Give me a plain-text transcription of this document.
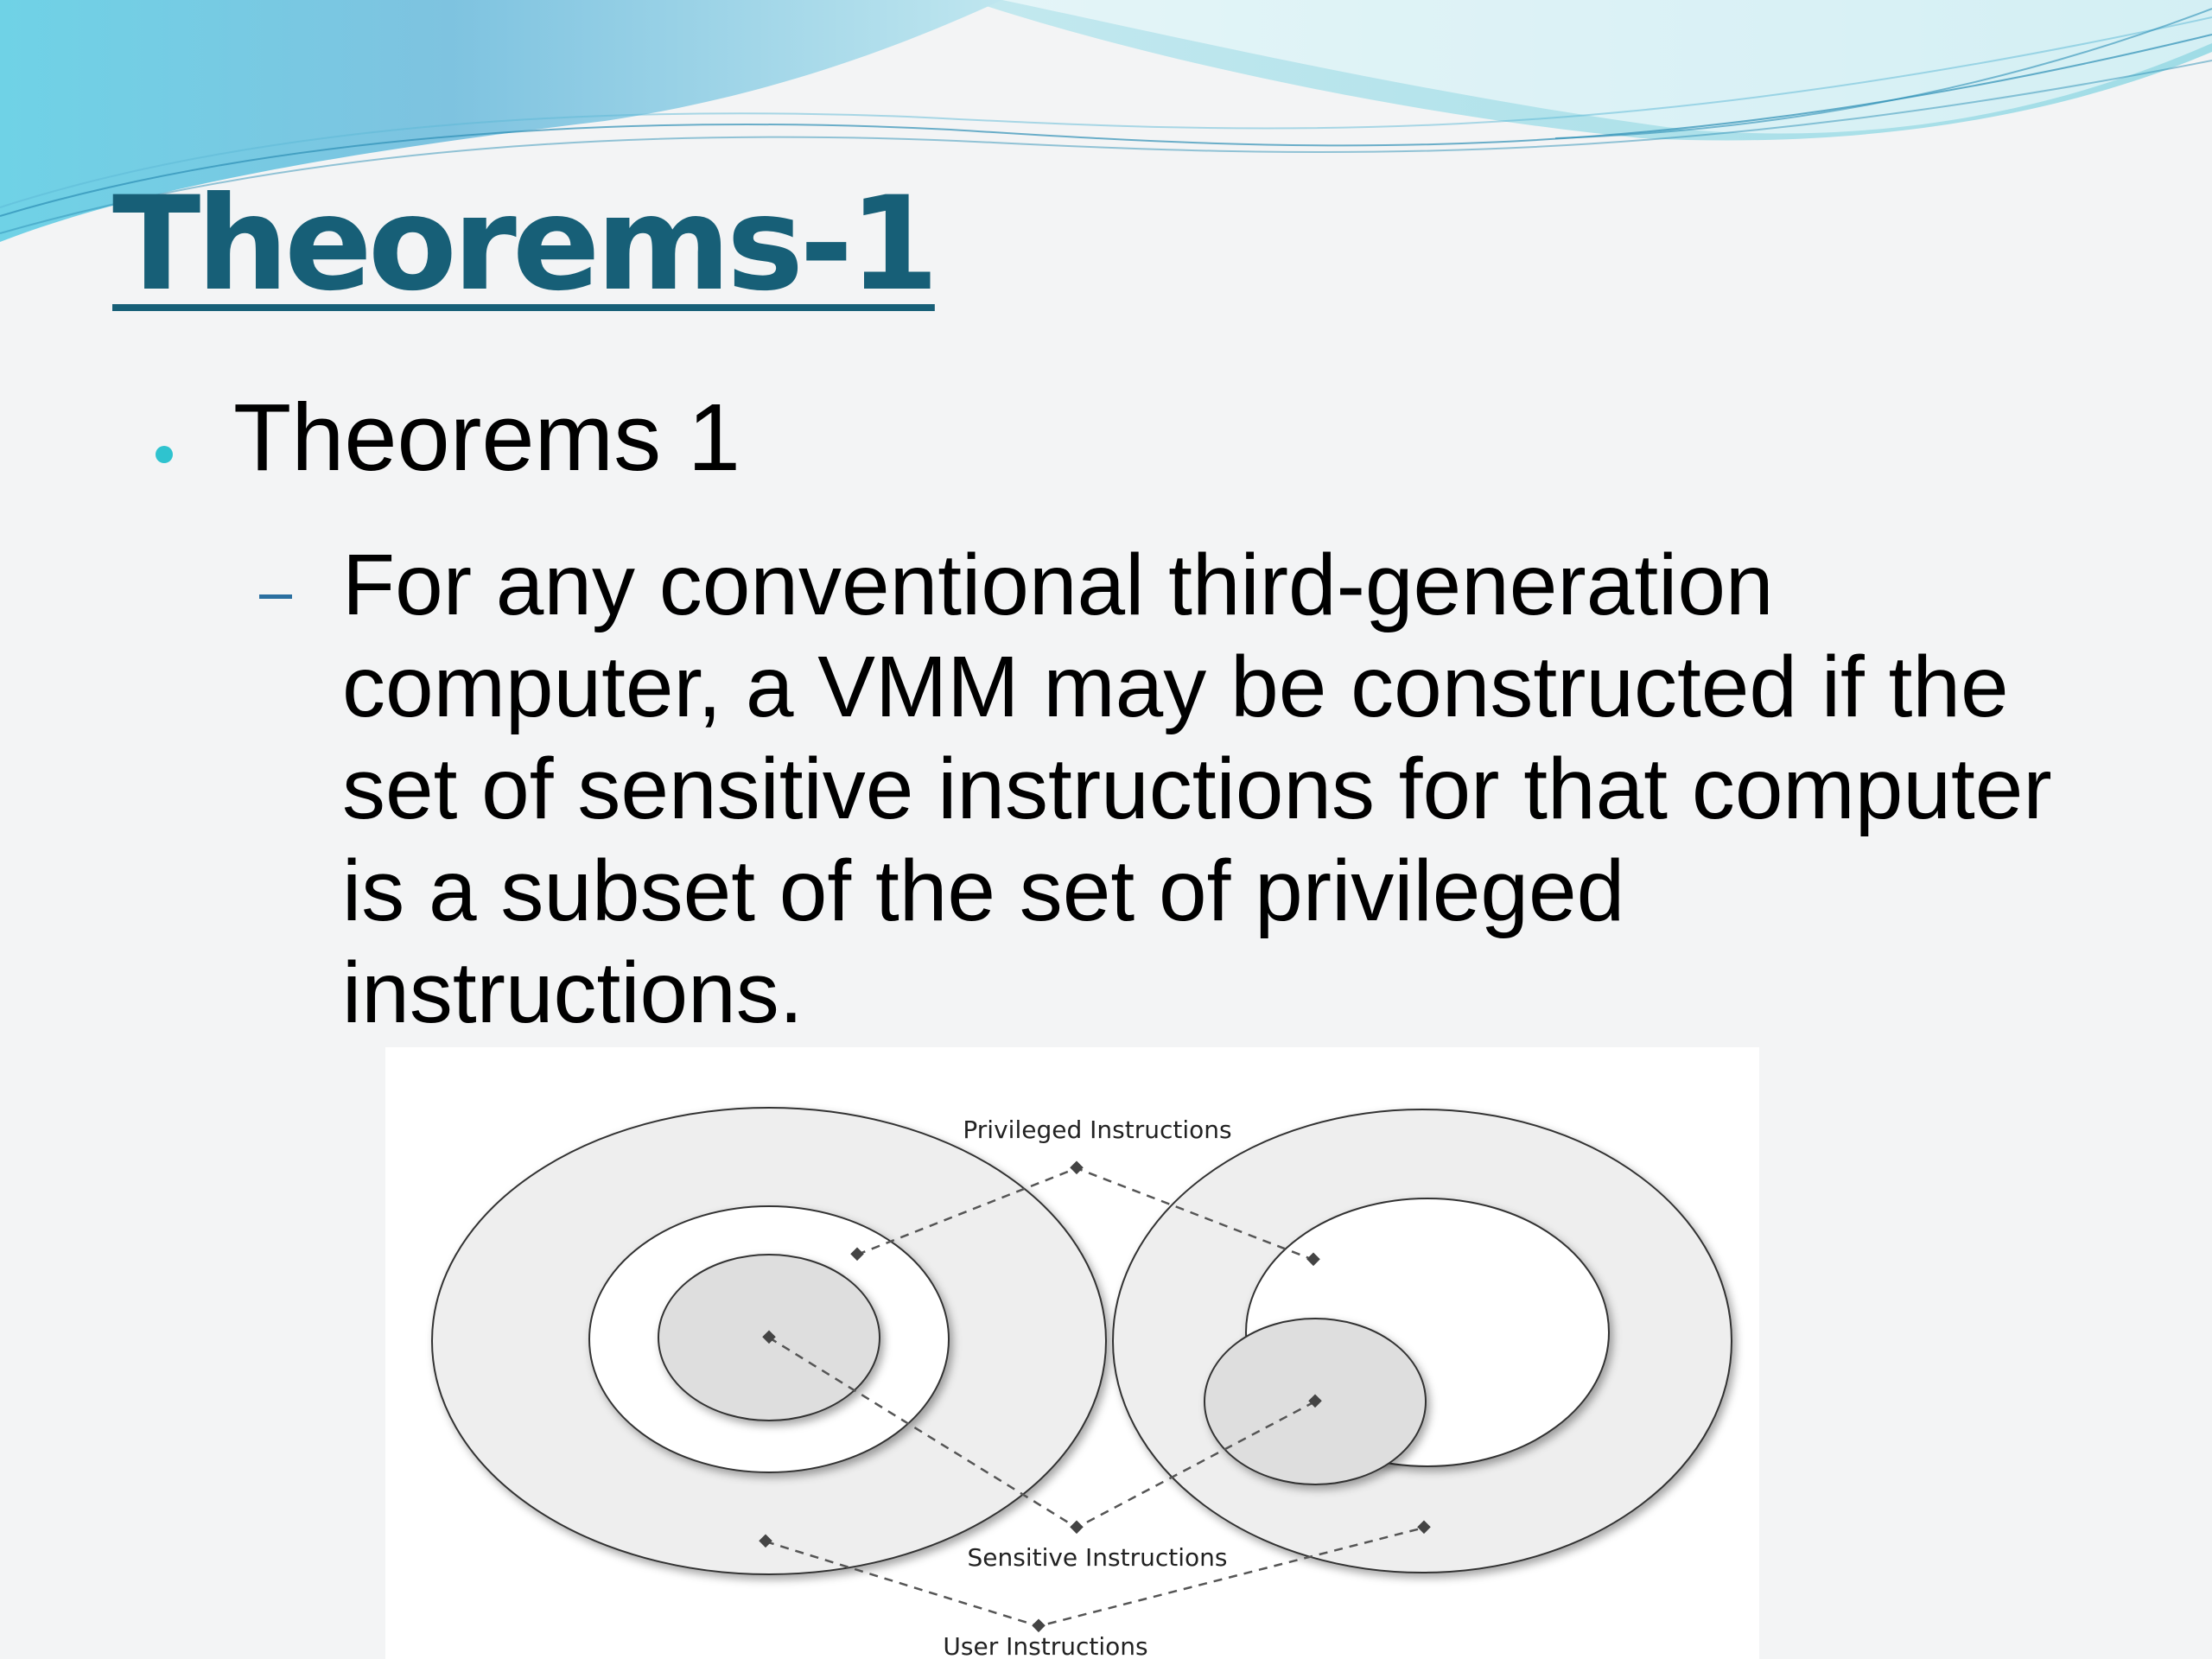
Theorems-1
Theorems 1
For any conventional third-generation computer, a VMM may be constructed if the set of sensitive instructions for that computer is a subset of the set of privileged instructions.
Privileged Instructions
Sensitive Instructions
User Instructions
